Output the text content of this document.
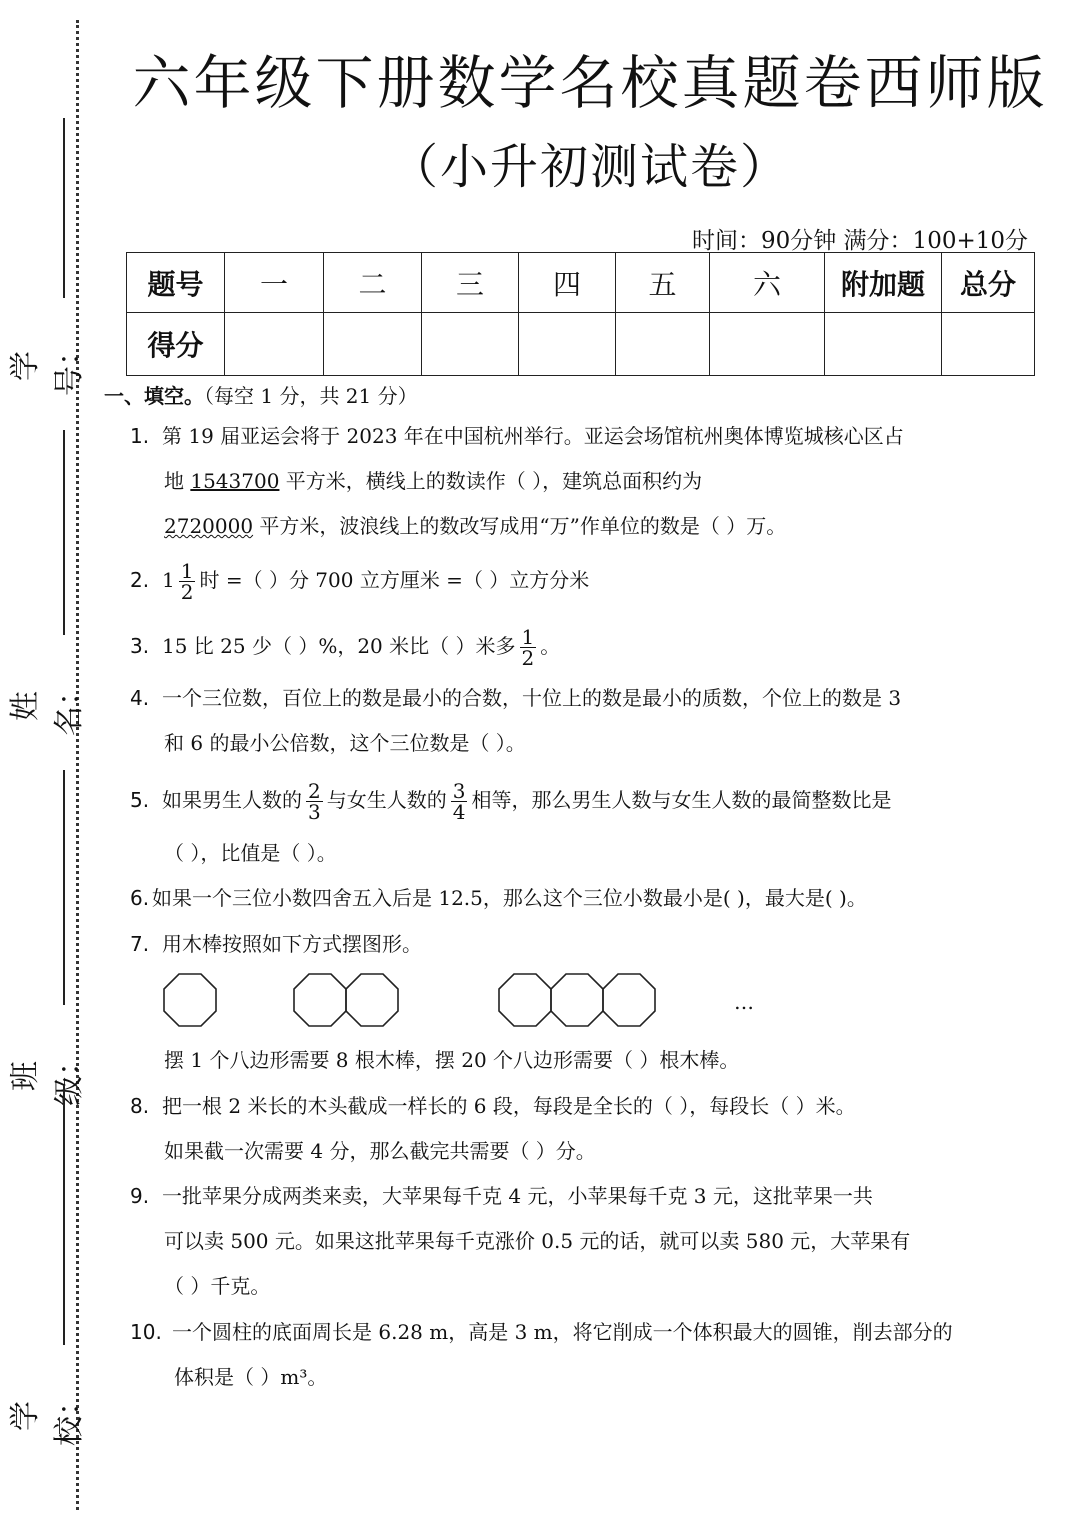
学号：
姓名：
班级：
学校：
六年级下册数学名校真题卷西师版
（小升初测试卷）
时间：90分钟 满分：100+10分
题号	一	二	三	四	五	六	附加题	总分
得分								
一、填空。（每空 1 分，共 21 分）
1. 第 19 届亚运会将于 2023 年在中国杭州举行。亚运会场馆杭州奥体博览城核心区占
地 1543700 平方米，横线上的数读作（ ），建筑总面积约为
2720000 平方米，波浪线上的数改写成用“万”作单位的数是（ ）万。
2. $1 \frac{1}{2}$ 时 =（ ）分 700 立方厘米 =（ ）立方分米
3. 15 比 25 少（ ）%，20 米比（ ）米多 $\frac{1}{2}$ 。
4. 一个三位数，百位上的数是最小的合数，十位上的数是最小的质数，个位上的数是 3
和 6 的最小公倍数，这个三位数是（ ）。
5. 如果男生人数的 $\frac{2}{3}$ 与女生人数的 $\frac{3}{4}$ 相等，那么男生人数与女生人数的最简整数比是
（ ），比值是（ ）。
6. 如果一个三位小数四舍五入后是 12.5，那么这个三位小数最小是( )，最大是( )。
7. 用木棒按照如下方式摆图形。
…
摆 1 个八边形需要 8 根木棒，摆 20 个八边形需要（ ）根木棒。
8. 把一根 2 米长的木头截成一样长的 6 段，每段是全长的（ ），每段长（ ）米。
如果截一次需要 4 分，那么截完共需要（ ）分。
9. 一批苹果分成两类来卖，大苹果每千克 4 元，小苹果每千克 3 元，这批苹果一共
可以卖 500 元。如果这批苹果每千克涨价 0.5 元的话，就可以卖 580 元，大苹果有
（ ）千克。
10. 一个圆柱的底面周长是 6.28 m，高是 3 m，将它削成一个体积最大的圆锥，削去部分的
体积是（ ）m³。
